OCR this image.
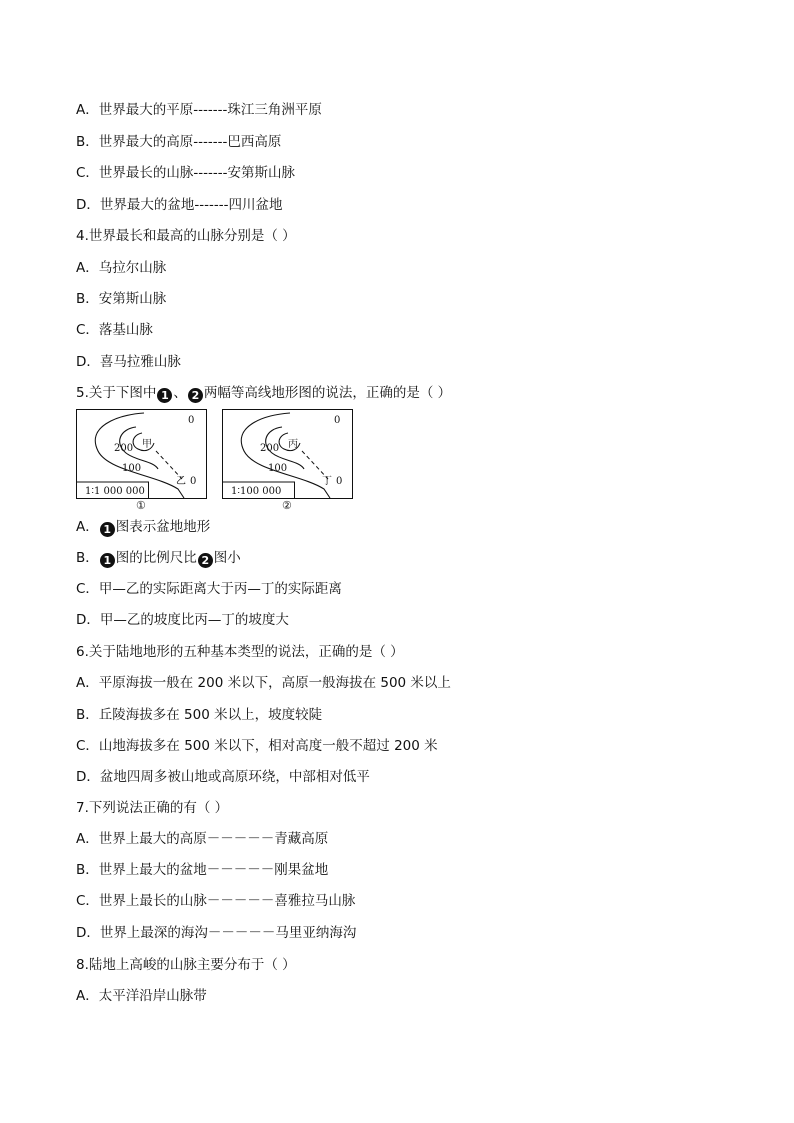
A．世界最大的平原-------珠江三角洲平原
B．世界最大的高原-------巴西高原
C．世界最长的山脉-------安第斯山脉
D．世界最大的盆地-------四川盆地
4.世界最长和最高的山脉分别是（ ）
A．乌拉尔山脉
B．安第斯山脉
C．落基山脉
D．喜马拉雅山脉
5.关于下图中 1 、 2 两幅等高线地形图的说法，正确的是（ ）
0
200 甲
100
乙 0
1∶1 000 000
①
0
200 丙
100
丁 0
1∶100 000
②
A． 1 图表示盆地地形
B． 1 图的比例尺比 2 图小
C．甲—乙的实际距离大于丙—丁的实际距离
D．甲—乙的坡度比丙—丁的坡度大
6.关于陆地地形的五种基本类型的说法，正确的是（ ）
A．平原海拔一般在 200 米以下，高原一般海拔在 500 米以上
B．丘陵海拔多在 500 米以上，坡度较陡
C．山地海拔多在 500 米以下，相对高度一般不超过 200 米
D．盆地四周多被山地或高原环绕，中部相对低平
7.下列说法正确的有（ ）
A．世界上最大的高原－－－－－青藏高原
B．世界上最大的盆地－－－－－刚果盆地
C．世界上最长的山脉－－－－－喜雅拉马山脉
D．世界上最深的海沟－－－－－马里亚纳海沟
8.陆地上高峻的山脉主要分布于（ ）
A．太平洋沿岸山脉带
